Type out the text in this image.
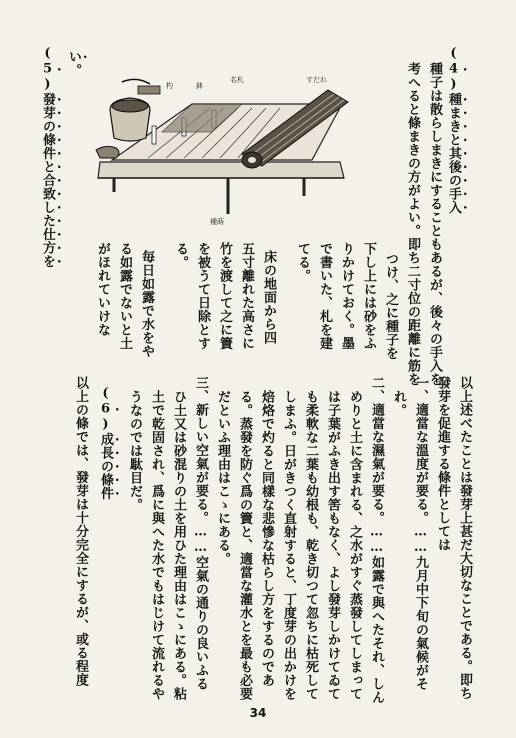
(4)種まきと其後の手入
種子は散らしまきにすることもあるが、後々の手入を
考へると條まきの方がよい。即ち二寸位の距離に筋を
つけ、之に種子を
下し上には砂をふ
りかけておく。墨
で書いた、札を建
てる。
床の地面から四
五寸離れた高さに
竹を渡して之に簀
を被うて日除とす
る。
毎日如露で水をや
る如露でないと土
がほれていけな
い。
(5)發芽の條件と合致した仕方を	杓	鉢
名札	すだれ
種蒔
以上述べたことは發芽上甚だ大切なことである。即ち
發芽を促進する條件としては
一、適當な溫度が要る。……九月中下旬の氣候がそ
れ。
二、適當な濕氣が要る。……如露で與へたそれ、しん
めりと土に含まれる、之水がすぐ蒸發してしまって
は子葉がふき出す筈もなく、よし發芽しかけてゐて
も柔軟な二葉も幼根も、乾き切つて忽ちに枯死して
しまふ。日がきつく直射すると、丁度芽の出かけを
焙烙で灼ると同樣な悲慘な枯らし方をするのであ
る。蒸發を防ぐ爲の簀と、適當な灌水とを最も必要
だといふ理由はこゝにある。
三、新しい空氣が要る。……空氣の通りの良いふる
ひ土又は砂混りの土を用ひた理由はこゝにある。粘
土で乾固され、爲に與へた水でもはじけて流れるや
うなのでは駄目だ。
(6)成長の條件
以上の條では、發芽は十分完全にするが、或る程度
34
